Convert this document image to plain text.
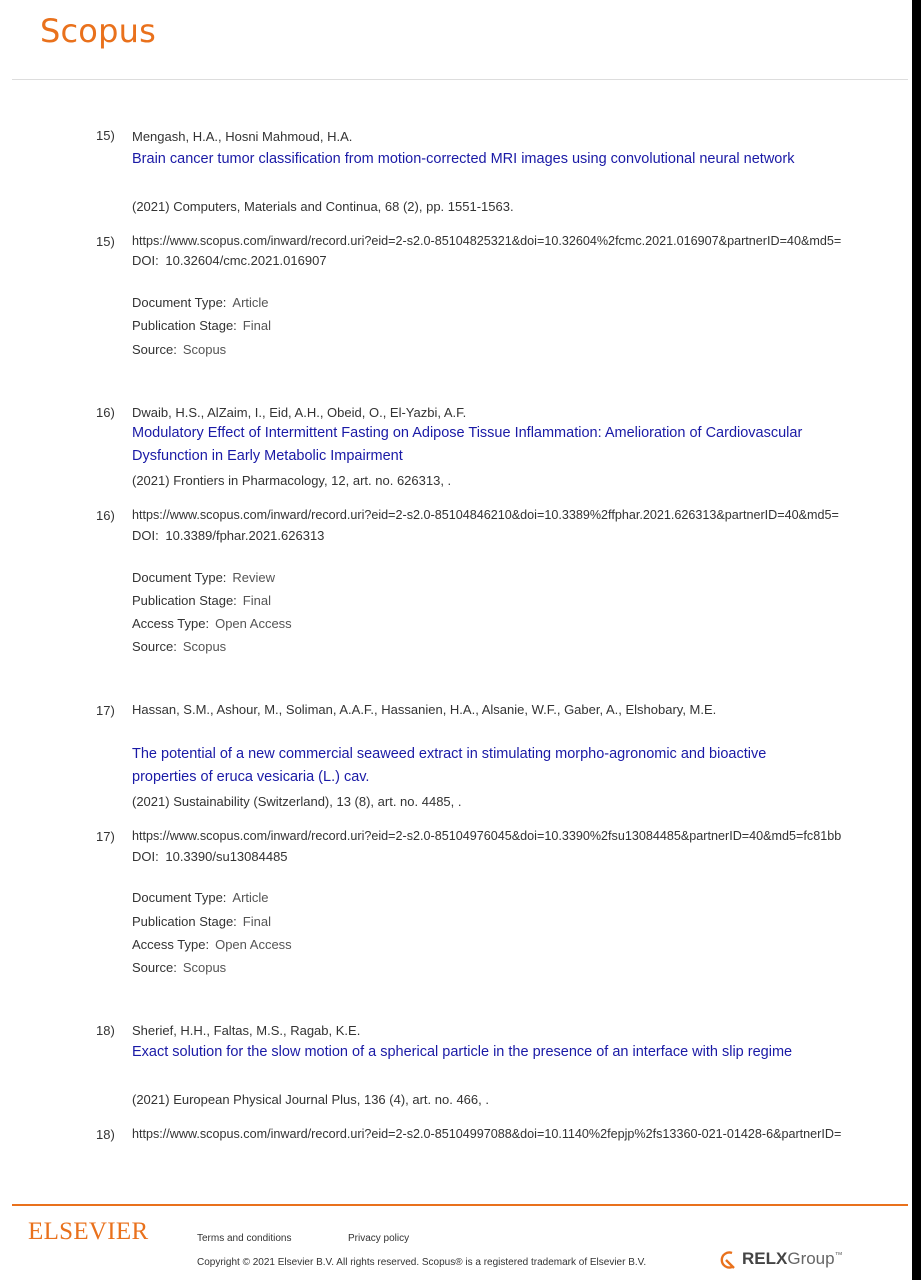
Scopus
15)	Mengash, H.A., Hosni Mahmoud, H.A.
Brain cancer tumor classification from motion-corrected MRI images using convolutional neural network
(2021) Computers, Materials and Continua, 68 (2), pp. 1551-1563.
15)	https://www.scopus.com/inward/record.uri?eid=2-s2.0-85104825321&doi=10.32604%2fcmc.2021.016907&partnerID=40&md5=
DOI: 10.32604/cmc.2021.016907
Document Type: Article
Publication Stage: Final
Source: Scopus
16)	Dwaib, H.S., AlZaim, I., Eid, A.H., Obeid, O., El-Yazbi, A.F.
Modulatory Effect of Intermittent Fasting on Adipose Tissue Inflammation: Amelioration of Cardiovascular Dysfunction in Early Metabolic Impairment
(2021) Frontiers in Pharmacology, 12, art. no. 626313, .
16)	https://www.scopus.com/inward/record.uri?eid=2-s2.0-85104846210&doi=10.3389%2ffphar.2021.626313&partnerID=40&md5=
DOI: 10.3389/fphar.2021.626313
Document Type: Review
Publication Stage: Final
Access Type: Open Access
Source: Scopus
17)	Hassan, S.M., Ashour, M., Soliman, A.A.F., Hassanien, H.A., Alsanie, W.F., Gaber, A., Elshobary, M.E.
The potential of a new commercial seaweed extract in stimulating morpho-agronomic and bioactive properties of eruca vesicaria (L.) cav.
(2021) Sustainability (Switzerland), 13 (8), art. no. 4485, .
17)	https://www.scopus.com/inward/record.uri?eid=2-s2.0-85104976045&doi=10.3390%2fsu13084485&partnerID=40&md5=fc81bb
DOI: 10.3390/su13084485
Document Type: Article
Publication Stage: Final
Access Type: Open Access
Source: Scopus
18)	Sherief, H.H., Faltas, M.S., Ragab, K.E.
Exact solution for the slow motion of a spherical particle in the presence of an interface with slip regime
(2021) European Physical Journal Plus, 136 (4), art. no. 466, .
18)	https://www.scopus.com/inward/record.uri?eid=2-s2.0-85104997088&doi=10.1140%2fepjp%2fs13360-021-01428-6&partnerID=
ELSEVIER	Terms and conditions	Privacy policy
Copyright © 2021 Elsevier B.V. All rights reserved. Scopus® is a registered trademark of Elsevier B.V.	RELXGroup™
